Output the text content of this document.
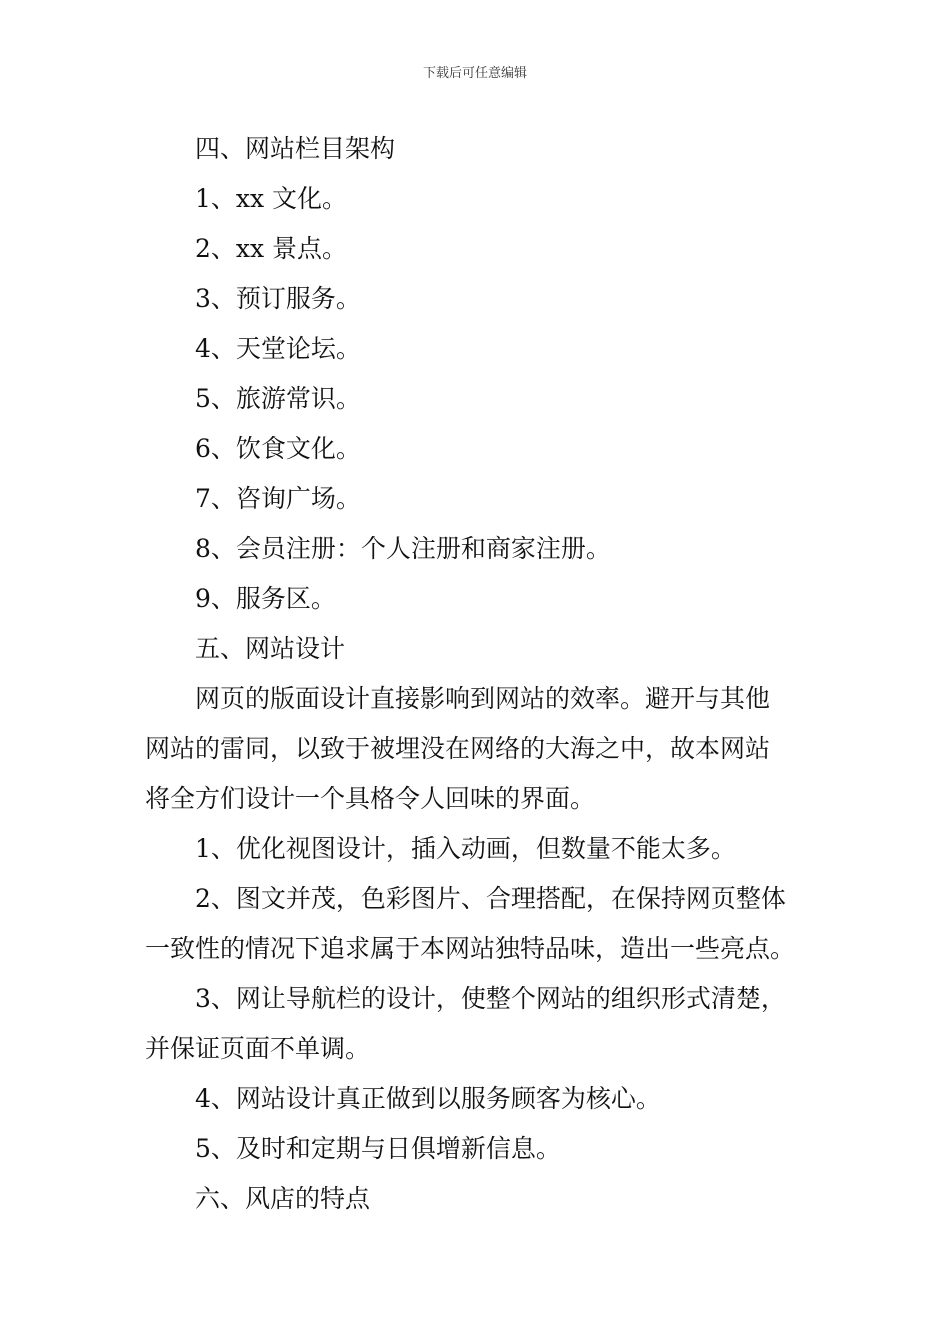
下载后可任意编辑
四、网站栏目架构
1、xx 文化。
2、xx 景点。
3、预订服务。
4、天堂论坛。
5、旅游常识。
6、饮食文化。
7、咨询广场。
8、会员注册：个人注册和商家注册。
9、服务区。
五、网站设计
网页的版面设计直接影响到网站的效率。避开与其他
网站的雷同，以致于被埋没在网络的大海之中，故本网站
将全方们设计一个具格令人回味的界面。
1、优化视图设计，插入动画，但数量不能太多。
2、图文并茂，色彩图片、合理搭配，在保持网页整体
一致性的情况下追求属于本网站独特品味，造出一些亮点。
3、网让导航栏的设计，使整个网站的组织形式清楚，
并保证页面不单调。
4、网站设计真正做到以服务顾客为核心。
5、及时和定期与日俱增新信息。
六、风店的特点
